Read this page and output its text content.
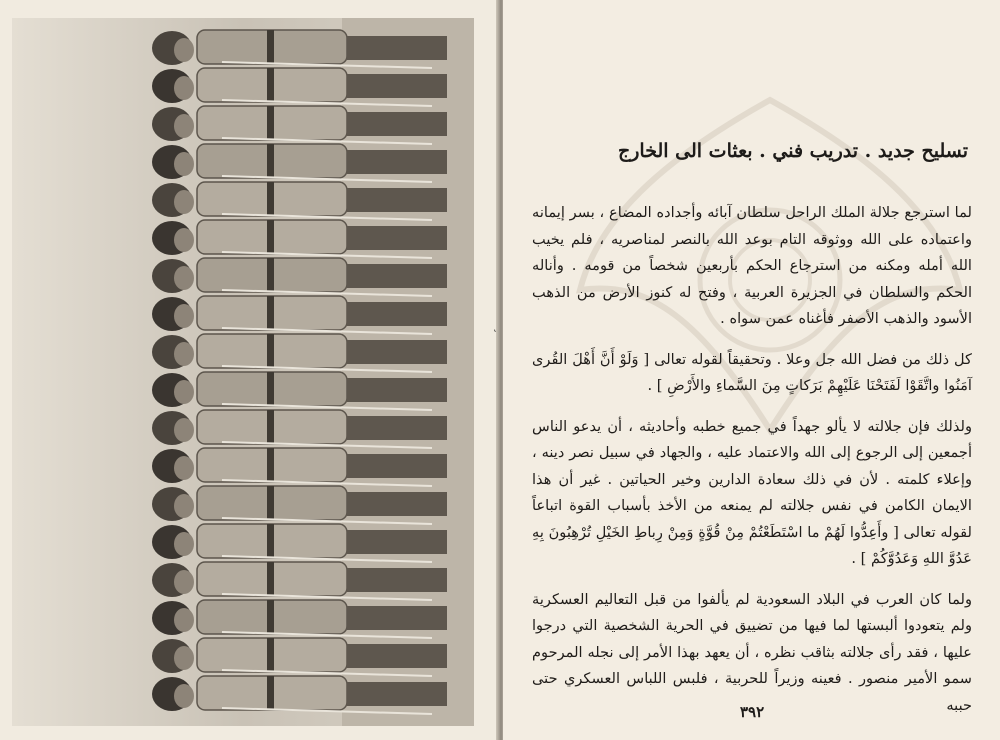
تسليح جديد . تدريب فني . بعثات الى الخارج

لما استرجع جلالة الملك الراحل سلطان آبائه وأجداده المضاع ، بسر إيمانه واعتماده على الله ووثوقه التام بوعد الله بالنصر لمناصريه ، فلم يخيب الله أمله ومكنه من استرجاع الحكم بأربعين شخصاً من قومه . وأناله الحكم والسلطان في الجزيرة العربية ، وفتح له كنوز الأرض من الذهب الأسود والذهب الأصفر فأغناه عمن سواه .

كل ذلك من فضل الله جل وعلا . وتحقيقاً لقوله تعالى [ وَلَوْ أَنَّ أَهْلَ القُرى آمَنُوا واتَّقَوْا لَفَتَحْنَا عَلَيْهِمْ بَرَكاتٍ مِنَ السَّماءِ والأَرْضِ ] .

ولذلك فإن جلالته لا يألو جهداً في جميع خطبه وأحاديثه ، أن يدعو الناس أجمعين إلى الرجوع إلى الله والاعتماد عليه ، والجهاد في سبيل نصر دينه ، وإعلاء كلمته . لأن في ذلك سعادة الدارين وخير الحياتين . غير أن هذا الايمان الكامن في نفس جلالته لم يمنعه من الأخذ بأسباب القوة اتباعاً لقوله تعالى [ وأَعِدُّوا لَهُمْ ما اسْتَطَعْتُمْ مِنْ قُوَّةٍ وَمِنْ رِباطِ الخَيْلِ تُرْهِبُونَ بِهِ عَدُوَّ اللهِ وَعَدُوَّكُمْ ] .

ولما كان العرب في البلاد السعودية لم يألفوا من قبل التعاليم العسكرية ولم يتعودوا ألبستها لما فيها من تضييق في الحرية الشخصية التي درجوا عليها ، فقد رأى جلالته بثاقب نظره ، أن يعهد بهذا الأمر إلى نجله المرحوم سمو الأمير منصور . فعينه وزيراً للحربية ، فلبس اللباس العسكري حتى حببه

٣٩٢
